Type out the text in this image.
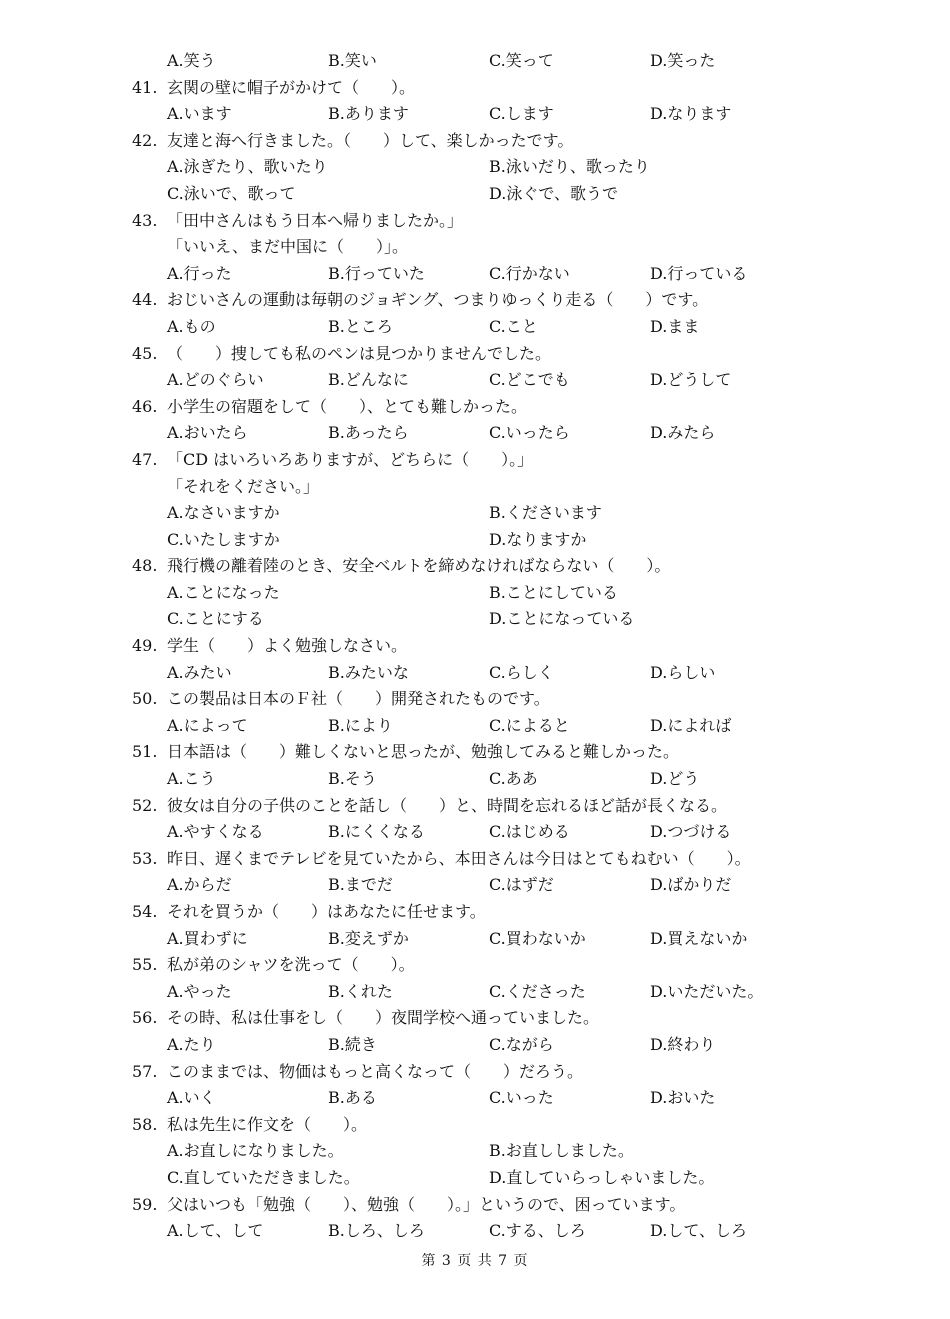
A.笑う	B.笑い	C.笑って	D.笑った
41. 玄関の壁に帽子がかけて（　　）。
A.います	B.あります	C.します	D.なります
42. 友達と海へ行きました。（　　）して、楽しかったです。
A.泳ぎたり、歌いたり	B.泳いだり、歌ったり
C.泳いで、歌って	D.泳ぐで、歌うで
43. 「田中さんはもう日本へ帰りましたか。」
「いいえ、まだ中国に（　　）」。
A.行った	B.行っていた	C.行かない	D.行っている
44. おじいさんの運動は毎朝のジョギング、つまりゆっくり走る（　　）です。
A.もの	B.ところ	C.こと	D.まま
45. （　　）捜しても私のペンは見つかりませんでした。
A.どのぐらい	B.どんなに	C.どこでも	D.どうして
46. 小学生の宿題をして（　　）、とても難しかった。
A.おいたら	B.あったら	C.いったら	D.みたら
47. 「CD はいろいろありますが、どちらに（　　）。」
「それをください。」
A.なさいますか	B.くださいます
C.いたしますか	D.なりますか
48. 飛行機の離着陸のとき、安全ベルトを締めなければならない（　　）。
A.ことになった	B.ことにしている
C.ことにする	D.ことになっている
49. 学生（　　）よく勉強しなさい。
A.みたい	B.みたいな	C.らしく	D.らしい
50. この製品は日本のＦ社（　　）開発されたものです。
A.によって	B.により	C.によると	D.によれば
51. 日本語は（　　）難しくないと思ったが、勉強してみると難しかった。
A.こう	B.そう	C.ああ	D.どう
52. 彼女は自分の子供のことを話し（　　）と、時間を忘れるほど話が長くなる。
A.やすくなる	B.にくくなる	C.はじめる	D.つづける
53. 昨日、遅くまでテレビを見ていたから、本田さんは今日はとてもねむい（　　）。
A.からだ	B.までだ	C.はずだ	D.ばかりだ
54. それを買うか（　　）はあなたに任せます。
A.買わずに	B.変えずか	C.買わないか	D.買えないか
55. 私が弟のシャツを洗って（　　）。
A.やった	B.くれた	C.くださった	D.いただいた。
56. その時、私は仕事をし（　　）夜間学校へ通っていました。
A.たり	B.続き	C.ながら	D.終わり
57. このままでは、物価はもっと高くなって（　　）だろう。
A.いく	B.ある	C.いった	D.おいた
58. 私は先生に作文を（　　）。
A.お直しになりました。	B.お直ししました。
C.直していただきました。	D.直していらっしゃいました。
59. 父はいつも「勉強（　　）、勉強（　　）。」というので、困っています。
A.して、して	B.しろ、しろ	C.する、しろ	D.して、しろ
第 3 页 共 7 页
